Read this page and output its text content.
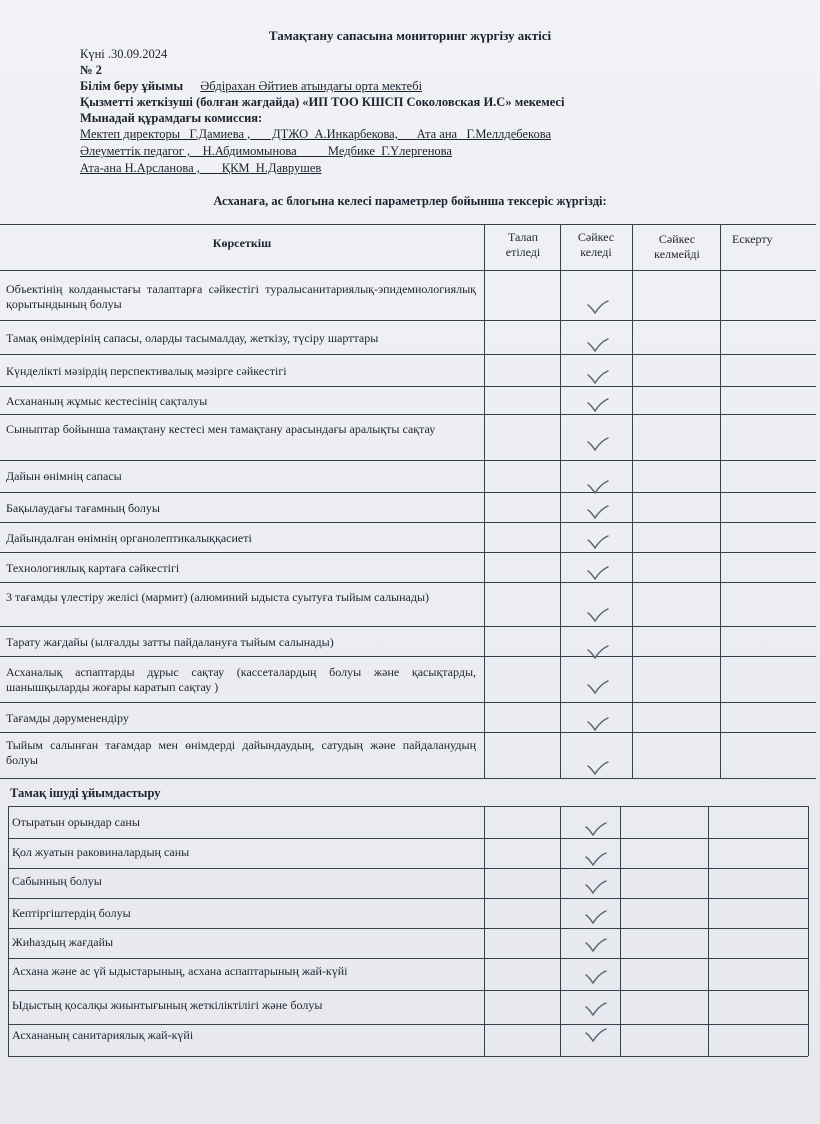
Тамақтану сапасына мониторинг жүргізу актісі
Күні .30.09.2024
№ 2
Білім беру ұйымы Әбдірахан Әйтиев атындағы орта мектебі
Қызметті жеткізуші (болған жағдайда) «ИП ТОО КШСП Соколовская И.С» мекемесі
Мынадай құрамдағы комиссия:
Мектеп директоры   Г.Дамиева ,       ДТЖО  А.Инкарбекова,      Ата ана   Г.Меллдебекова
Әлеуметтік педагог ,    Н.Абдимомынова          Медбике  Г.Үлергенова
Ата-ана Н.Арсланова ,       ҚКМ  Н.Даврушев
Асханаға, ас блогына келесі параметрлер бойынша тексеріс жүргізді:
Көрсеткіш	Талап етіледі
Сәйкес келеді
Сәйкес келмейді
Ескерту
Объектінің колданыстағы талаптарға сәйкестігі туралысанитариялық-эпидемиологиялық қорытындының болуы
Тамақ өнімдерінің сапасы, оларды тасымалдау, жеткізу, түсіру шарттары
Күнделікті мәзірдің перспективалық мәзірге сәйкестігі
Асхананың жұмыс кестесінің сақталуы
Сыныптар бойынша тамақтану кестесі мен тамақтану арасындағы аралықты сақтау
Дайын өнімнің сапасы
Бақылаудағы тағамның болуы
Дайындалған өнімнің органолептикалыққасиеті
Технологиялық картаға сәйкестігі
3 тағамды үлестіру желісі (мармит) (алюминий ыдыста суытуға тыйым салынады)
Тарату жағдайы (ылғалды затты пайдалануға тыйым салынады)
Асханалық аспаптарды дұрыс сақтау (кассеталардың болуы және қасықтарды, шанышқыларды жоғары каратып сақтау )
Тағамды дәруменендіру
Тыйым салынған тағамдар мен өнімдерді дайындаудың, сатудың және пайдаланудың болуы
Тамақ ішуді ұйымдастыру
Отыратын орындар саны
Қол жуатын раковиналардың саны
Сабынның болуы
Кептіргіштердің болуы
Жиһаздың жағдайы
Асхана және ас үй ыдыстарының, асхана аспаптарының жай-күйі
Ыдыстың қосалқы жиынтығының жеткіліктілігі және болуы
Асхананың санитариялық жай-күйі
